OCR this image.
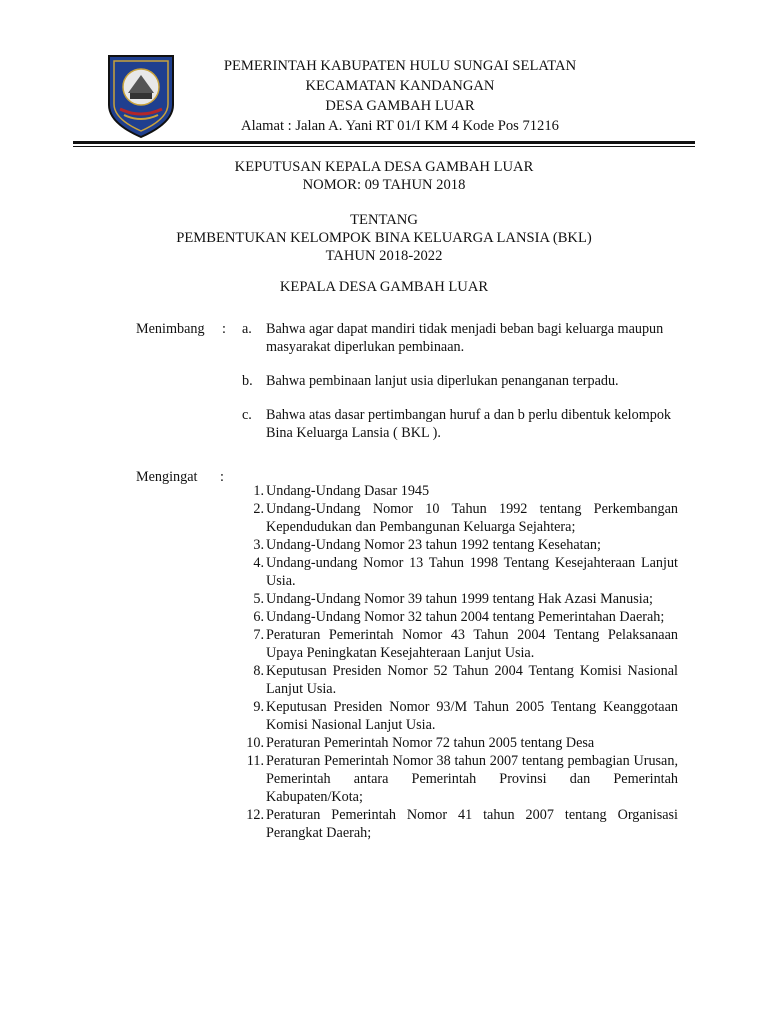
PEMERINTAH KABUPATEN HULU SUNGAI SELATAN
KECAMATAN KANDANGAN
DESA GAMBAH LUAR
Alamat : Jalan A. Yani RT 01/I KM 4 Kode Pos 71216
KEPUTUSAN KEPALA DESA GAMBAH LUAR
NOMOR: 09 TAHUN 2018
TENTANG
PEMBENTUKAN KELOMPOK BINA KELUARGA LANSIA (BKL)
TAHUN 2018-2022
KEPALA DESA GAMBAH LUAR
Menimbang : a. Bahwa agar dapat mandiri tidak menjadi beban bagi keluarga maupun masyarakat diperlukan pembinaan.
b. Bahwa pembinaan lanjut usia diperlukan penanganan terpadu.
c. Bahwa atas dasar pertimbangan huruf a dan b perlu dibentuk kelompok Bina Keluarga Lansia ( BKL ).
Mengingat :
1. Undang-Undang Dasar 1945
2. Undang-Undang Nomor 10 Tahun 1992 tentang Perkembangan Kependudukan dan Pembangunan Keluarga Sejahtera;
3. Undang-Undang Nomor 23 tahun 1992 tentang Kesehatan;
4. Undang-undang Nomor 13 Tahun 1998 Tentang Kesejahteraan Lanjut Usia.
5. Undang-Undang Nomor 39 tahun 1999 tentang Hak Azasi Manusia;
6. Undang-Undang Nomor 32 tahun 2004 tentang Pemerintahan Daerah;
7. Peraturan Pemerintah Nomor 43 Tahun 2004 Tentang Pelaksanaan Upaya Peningkatan Kesejahteraan Lanjut Usia.
8. Keputusan Presiden Nomor 52 Tahun 2004 Tentang Komisi Nasional Lanjut Usia.
9. Keputusan Presiden Nomor 93/M Tahun 2005 Tentang Keanggotaan Komisi Nasional Lanjut Usia.
10. Peraturan Pemerintah Nomor 72 tahun 2005 tentang Desa
11. Peraturan Pemerintah Nomor 38 tahun 2007 tentang pembagian Urusan, Pemerintah antara Pemerintah Provinsi dan Pemerintah Kabupaten/Kota;
12. Peraturan Pemerintah Nomor 41 tahun 2007 tentang Organisasi Perangkat Daerah;
